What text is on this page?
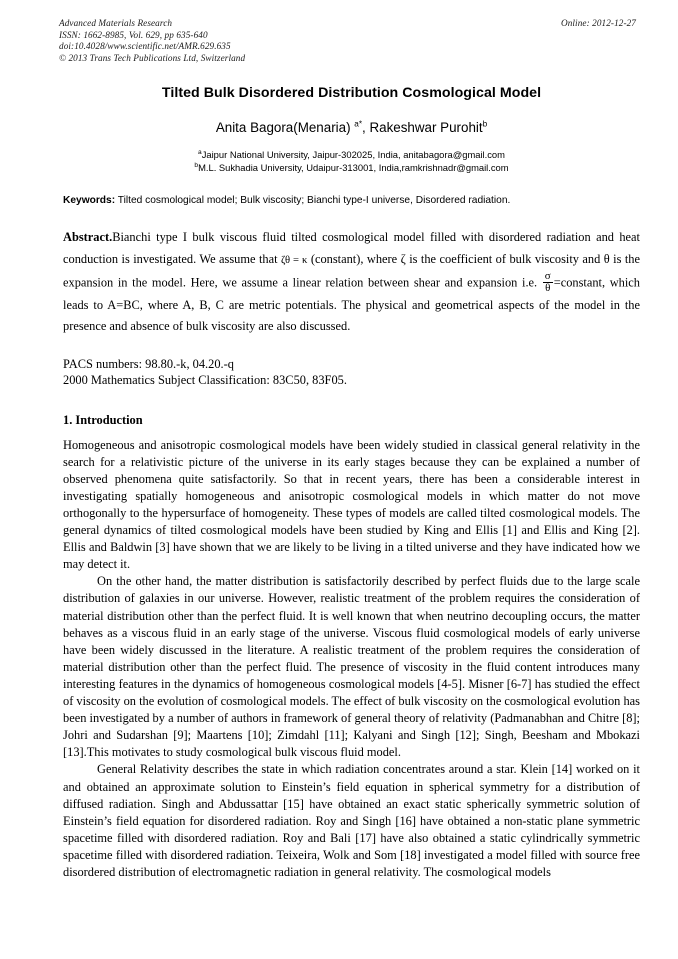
Advanced Materials Research
ISSN: 1662-8985, Vol. 629, pp 635-640
doi:10.4028/www.scientific.net/AMR.629.635
© 2013 Trans Tech Publications Ltd, Switzerland
Online: 2012-12-27
Tilted Bulk Disordered Distribution Cosmological Model
Anita Bagora(Menaria) $^{a*}$, Rakeshwar Purohit$^b$
$^a$Jaipur National University, Jaipur-302025, India, anitabagora@gmail.com
$^b$M.L. Sukhadia University, Udaipur-313001, India,ramkrishnadr@gmail.com
Keywords: Tilted cosmological model; Bulk viscosity; Bianchi type-I universe, Disordered radiation.
Abstract.Bianchi type I bulk viscous fluid tilted cosmological model filled with disordered radiation and heat conduction is investigated. We assume that ζθ = κ (constant), where ζ is the coefficient of bulk viscosity and θ is the expansion in the model. Here, we assume a linear relation between shear and expansion i.e. $\frac{\sigma}{\theta}$ =constant, which leads to A=BC, where A, B, C are metric potentials. The physical and geometrical aspects of the model in the presence and absence of bulk viscosity are also discussed.
PACS numbers: 98.80.-k, 04.20.-q
2000 Mathematics Subject Classification: 83C50, 83F05.
1. Introduction

Homogeneous and anisotropic cosmological models have been widely studied in classical general relativity in the search for a relativistic picture of the universe in its early stages because they can be explained a number of observed phenomena quite satisfactorily. So that in recent years, there has been a considerable interest in investigating spatially homogeneous and anisotropic cosmological models in which matter do not move orthogonally to the hypersurface of homogeneity. These types of models are called tilted cosmological models. The general dynamics of tilted cosmological models have been studied by King and Ellis [1] and Ellis and King [2]. Ellis and Baldwin [3] have shown that we are likely to be living in a tilted universe and they have indicated how we may detect it.

On the other hand, the matter distribution is satisfactorily described by perfect fluids due to the large scale distribution of galaxies in our universe. However, realistic treatment of the problem requires the consideration of material distribution other than the perfect fluid. It is well known that when neutrino decoupling occurs, the matter behaves as a viscous fluid in an early stage of the universe. Viscous fluid cosmological models of early universe have been widely discussed in the literature. A realistic treatment of the problem requires the consideration of material distribution other than the perfect fluid. The presence of viscosity in the fluid content introduces many interesting features in the dynamics of homogeneous cosmological models [4-5]. Misner [6-7] has studied the effect of viscosity on the evolution of cosmological models. The effect of bulk viscosity on the cosmological evolution has been investigated by a number of authors in framework of general theory of relativity (Padmanabhan and Chitre [8]; Johri and Sudarshan [9]; Maartens [10]; Zimdahl [11]; Kalyani and Singh [12]; Singh, Beesham and Mbokazi [13].This motivates to study cosmological bulk viscous fluid model.

General Relativity describes the state in which radiation concentrates around a star. Klein [14] worked on it and obtained an approximate solution to Einstein’s field equation in spherical symmetry for a distribution of diffused radiation. Singh and Abdussattar [15] have obtained an exact static spherically symmetric solution of Einstein’s field equation for disordered radiation. Roy and Singh [16] have obtained a non-static plane symmetric spacetime filled with disordered radiation. Roy and Bali [17] have also obtained a static cylindrically symmetric spacetime filled with disordered radiation. Teixeira, Wolk and Som [18] investigated a model filled with source free disordered distribution of electromagnetic radiation in general relativity. The cosmological models
